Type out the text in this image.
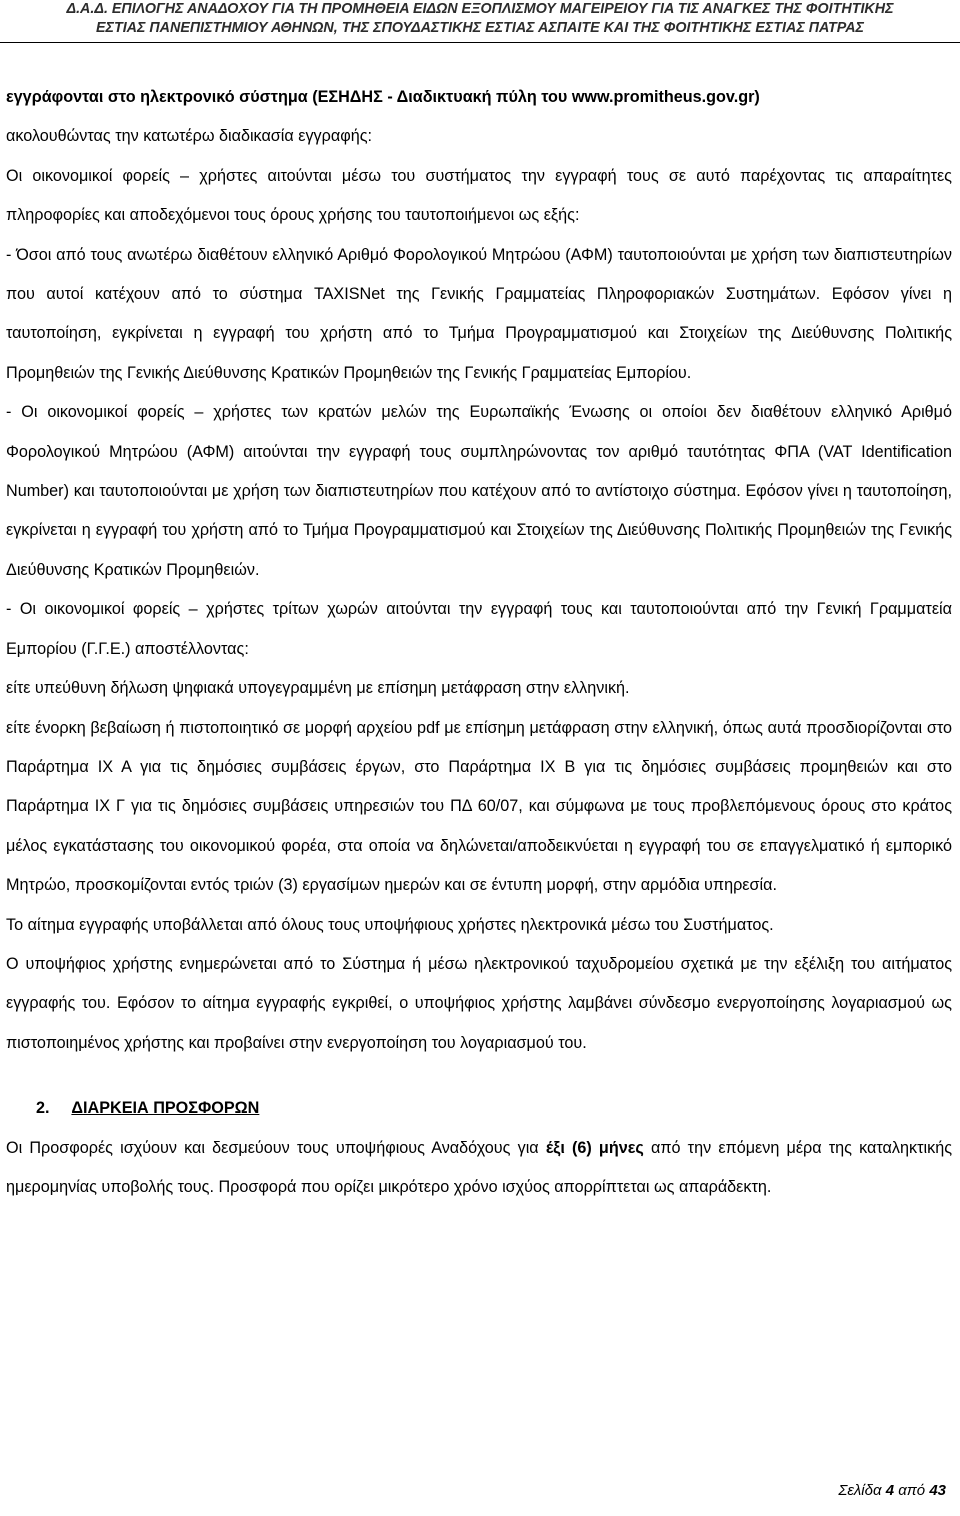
Δ.Α.Δ. ΕΠΙΛΟΓΗΣ ΑΝΑΔΟΧΟΥ ΓΙΑ ΤΗ ΠΡΟΜΗΘΕΙΑ ΕΙΔΩΝ ΕΞΟΠΛΙΣΜΟΥ ΜΑΓΕΙΡΕΙΟΥ ΓΙΑ ΤΙΣ ΑΝΑΓΚΕΣ ΤΗΣ ΦΟΙΤΗΤΙΚΗΣ
ΕΣΤΙΑΣ ΠΑΝΕΠΙΣΤΗΜΙΟΥ ΑΘΗΝΩΝ, ΤΗΣ ΣΠΟΥΔΑΣΤΙΚΗΣ ΕΣΤΙΑΣ ΑΣΠΑΙΤΕ ΚΑΙ ΤΗΣ ΦΟΙΤΗΤΙΚΗΣ ΕΣΤΙΑΣ ΠΑΤΡΑΣ

εγγράφονται στο ηλεκτρονικό σύστημα (ΕΣΗΔΗΣ - Διαδικτυακή πύλη του www.promitheus.gov.gr)
ακολουθώντας την κατωτέρω διαδικασία εγγραφής:

Οι οικονομικοί φορείς – χρήστες αιτούνται μέσω του συστήματος την εγγραφή τους σε αυτό παρέχοντας τις απαραίτητες πληροφορίες και αποδεχόμενοι τους όρους χρήσης του ταυτοποιήμενοι ως εξής:

- Όσοι από τους ανωτέρω διαθέτουν ελληνικό Αριθμό Φορολογικού Μητρώου (ΑΦΜ) ταυτοποιούνται με χρήση των διαπιστευτηρίων που αυτοί κατέχουν από το σύστημα TAXISNet της Γενικής Γραμματείας Πληροφοριακών Συστημάτων. Εφόσον γίνει η ταυτοποίηση, εγκρίνεται η εγγραφή του χρήστη από το Τμήμα Προγραμματισμού και Στοιχείων της Διεύθυνσης Πολιτικής Προμηθειών της Γενικής Διεύθυνσης Κρατικών Προμηθειών της Γενικής Γραμματείας Εμπορίου.

- Οι οικονομικοί φορείς – χρήστες των κρατών μελών της Ευρωπαϊκής Ένωσης οι οποίοι δεν διαθέτουν ελληνικό Αριθμό Φορολογικού Μητρώου (ΑΦΜ) αιτούνται την εγγραφή τους συμπληρώνοντας τον αριθμό ταυτότητας ΦΠΑ (VAT Identification Number) και ταυτοποιούνται με χρήση των διαπιστευτηρίων που κατέχουν από το αντίστοιχο σύστημα. Εφόσον γίνει η ταυτοποίηση, εγκρίνεται η εγγραφή του χρήστη από το Τμήμα Προγραμματισμού και Στοιχείων της Διεύθυνσης Πολιτικής Προμηθειών της Γενικής Διεύθυνσης Κρατικών Προμηθειών.

- Οι οικονομικοί φορείς – χρήστες τρίτων χωρών αιτούνται την εγγραφή τους και ταυτοποιούνται από την Γενική Γραμματεία Εμπορίου (Γ.Γ.Ε.) αποστέλλοντας:

είτε υπεύθυνη δήλωση ψηφιακά υπογεγραμμένη με επίσημη μετάφραση στην ελληνική.

είτε ένορκη βεβαίωση ή πιστοποιητικό σε μορφή αρχείου pdf με επίσημη μετάφραση στην ελληνική, όπως αυτά προσδιορίζονται στο Παράρτημα ΙΧ Α για τις δημόσιες συμβάσεις έργων, στο Παράρτημα ΙΧ Β για τις δημόσιες συμβάσεις προμηθειών και στο Παράρτημα ΙΧ Γ για τις δημόσιες συμβάσεις υπηρεσιών του ΠΔ 60/07, και σύμφωνα με τους προβλεπόμενους όρους στο κράτος μέλος εγκατάστασης του οικονομικού φορέα, στα οποία να δηλώνεται/αποδεικνύεται η εγγραφή του σε επαγγελματικό ή εμπορικό Μητρώο, προσκομίζονται εντός τριών (3) εργασίμων ημερών και σε έντυπη μορφή, στην αρμόδια υπηρεσία.

Το αίτημα εγγραφής υποβάλλεται από όλους τους υποψήφιους χρήστες ηλεκτρονικά μέσω του Συστήματος.

Ο υποψήφιος χρήστης ενημερώνεται από το Σύστημα ή μέσω ηλεκτρονικού ταχυδρομείου σχετικά με την εξέλιξη του αιτήματος εγγραφής του. Εφόσον το αίτημα εγγραφής εγκριθεί, ο υποψήφιος χρήστης λαμβάνει σύνδεσμο ενεργοποίησης λογαριασμού ως πιστοποιημένος χρήστης και προβαίνει στην ενεργοποίηση του λογαριασμού του.

2. ΔΙΑΡΚΕΙΑ ΠΡΟΣΦΟΡΩΝ

Οι Προσφορές ισχύουν και δεσμεύουν τους υποψήφιους Αναδόχους για έξι (6) μήνες από την επόμενη μέρα της καταληκτικής ημερομηνίας υποβολής τους. Προσφορά που ορίζει μικρότερο χρόνο ισχύος απορρίπτεται ως απαράδεκτη.

Σελίδα 4 από 43
